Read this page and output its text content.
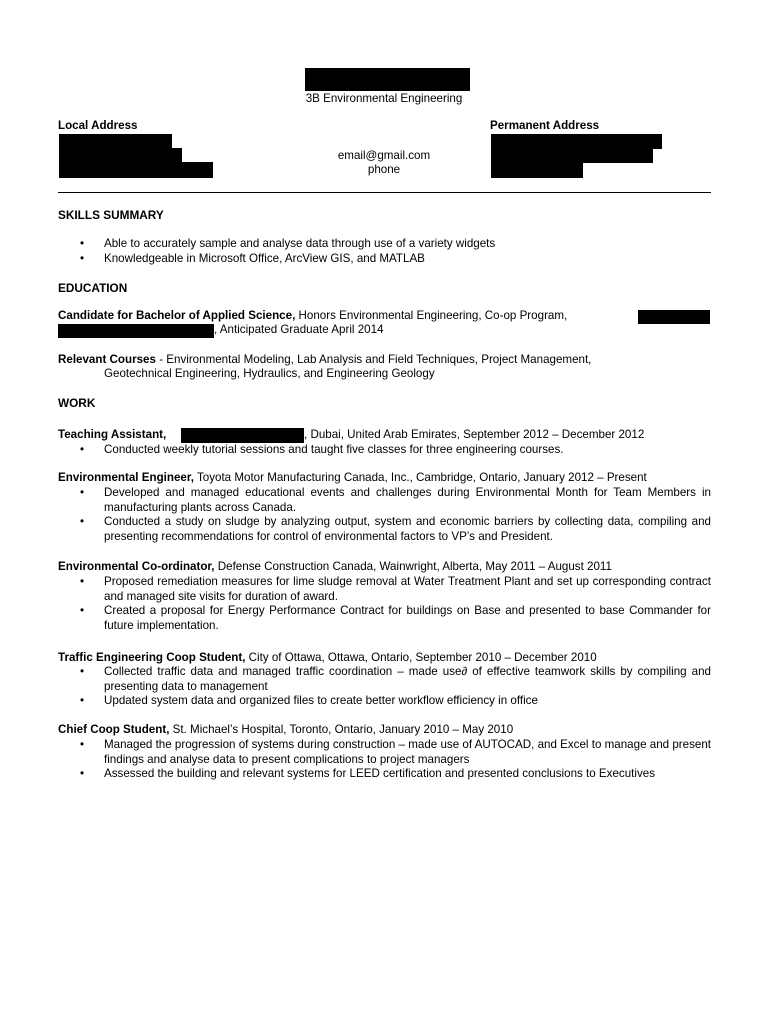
3B Environmental Engineering
Local Address
email@gmail.com
phone
Permanent Address
SKILLS SUMMARY
• Able to accurately sample and analyse data through use of a variety widgets
• Knowledgeable in Microsoft Office, ArcView GIS, and MATLAB
EDUCATION
Candidate for Bachelor of Applied Science, Honors Environmental Engineering, Co-op Program,
, Anticipated Graduate April 2014
Relevant Courses - Environmental Modeling, Lab Analysis and Field Techniques, Project Management,
Geotechnical Engineering, Hydraulics, and Engineering Geology
WORK
Teaching Assistant,	, Dubai, United Arab Emirates, September 2012 – December 2012
• Conducted weekly tutorial sessions and taught five classes for three engineering courses.
Environmental Engineer, Toyota Motor Manufacturing Canada, Inc., Cambridge, Ontario, January 2012 – Present
• Developed and managed educational events and challenges during Environmental Month for Team Members in manufacturing plants across Canada.
• Conducted a study on sludge by analyzing output, system and economic barriers by collecting data, compiling and presenting recommendations for control of environmental factors to VP’s and President.
Environmental Co-ordinator, Defense Construction Canada, Wainwright, Alberta, May 2011 – August 2011
• Proposed remediation measures for lime sludge removal at Water Treatment Plant and set up corresponding contract and managed site visits for duration of award.
• Created a proposal for Energy Performance Contract for buildings on Base and presented to base Commander for future implementation.
Traffic Engineering Coop Student, City of Ottawa, Ottawa, Ontario, September 2010 – December 2010
• Collected traffic data and managed traffic coordination – made use∂ of effective teamwork skills by compiling and presenting data to management
• Updated system data and organized files to create better workflow efficiency in office
Chief Coop Student, St. Michael’s Hospital, Toronto, Ontario, January 2010 – May 2010
• Managed the progression of systems during construction – made use of AUTOCAD, and Excel to manage and present findings and analyse data to present complications to project managers
• Assessed the building and relevant systems for LEED certification and presented conclusions to Executives
